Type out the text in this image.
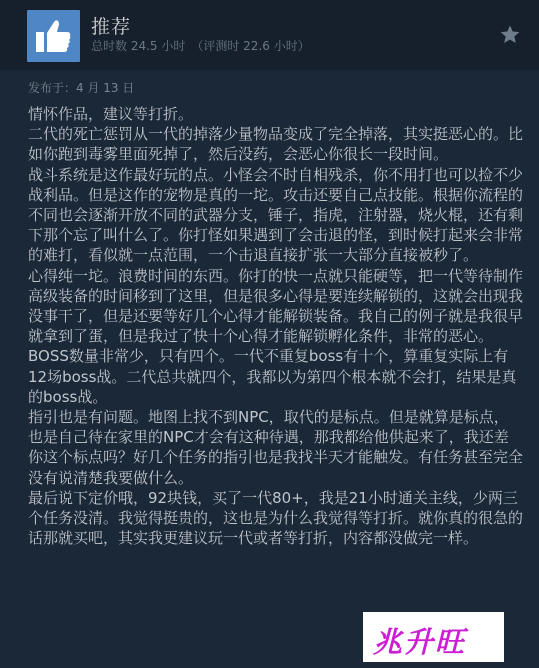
推荐
总时数 24.5 小时 （评测时 22.6 小时）
发布于：4 月 13 日

情怀作品，建议等打折。

二代的死亡惩罚从一代的掉落少量物品变成了完全掉落，其实挺恶心的。比如你跑到毒雾里面死掉了，然后没药，会恶心你很长一段时间。

战斗系统是这作最好玩的点。小怪会不时自相残杀，你不用打也可以捡不少战利品。但是这作的宠物是真的一坨。攻击还要自己点技能。根据你流程的不同也会逐渐开放不同的武器分支，锤子，指虎，注射器，烧火棍，还有剩下那个忘了叫什么了。你打怪如果遇到了会击退的怪，到时候打起来会非常的难打，看似就一点范围，一个击退直接扩张一大部分直接被秒了。

心得纯一坨。浪费时间的东西。你打的快一点就只能硬等，把一代等待制作高级装备的时间移到了这里，但是很多心得是要连续解锁的，这就会出现我没事干了，但是还要等好几个心得才能解锁装备。我自己的例子就是我很早就拿到了蛋，但是我过了快十个心得才能解锁孵化条件，非常的恶心。

BOSS数量非常少，只有四个。一代不重复boss有十个，算重复实际上有12场boss战。二代总共就四个，我都以为第四个根本就不会打，结果是真的boss战。

指引也是有问题。地图上找不到NPC，取代的是标点。但是就算是标点，也是自己待在家里的NPC才会有这种待遇，那我都给他供起来了，我还差你这个标点吗？好几个任务的指引也是我找半天才能触发。有任务甚至完全没有说清楚我要做什么。

最后说下定价哦，92块钱，买了一代80+，我是21小时通关主线，少两三个任务没清。我觉得挺贵的，这也是为什么我觉得等打折。就你真的很急的话那就买吧，其实我更建议玩一代或者等打折，内容都没做完一样。

兆升旺
